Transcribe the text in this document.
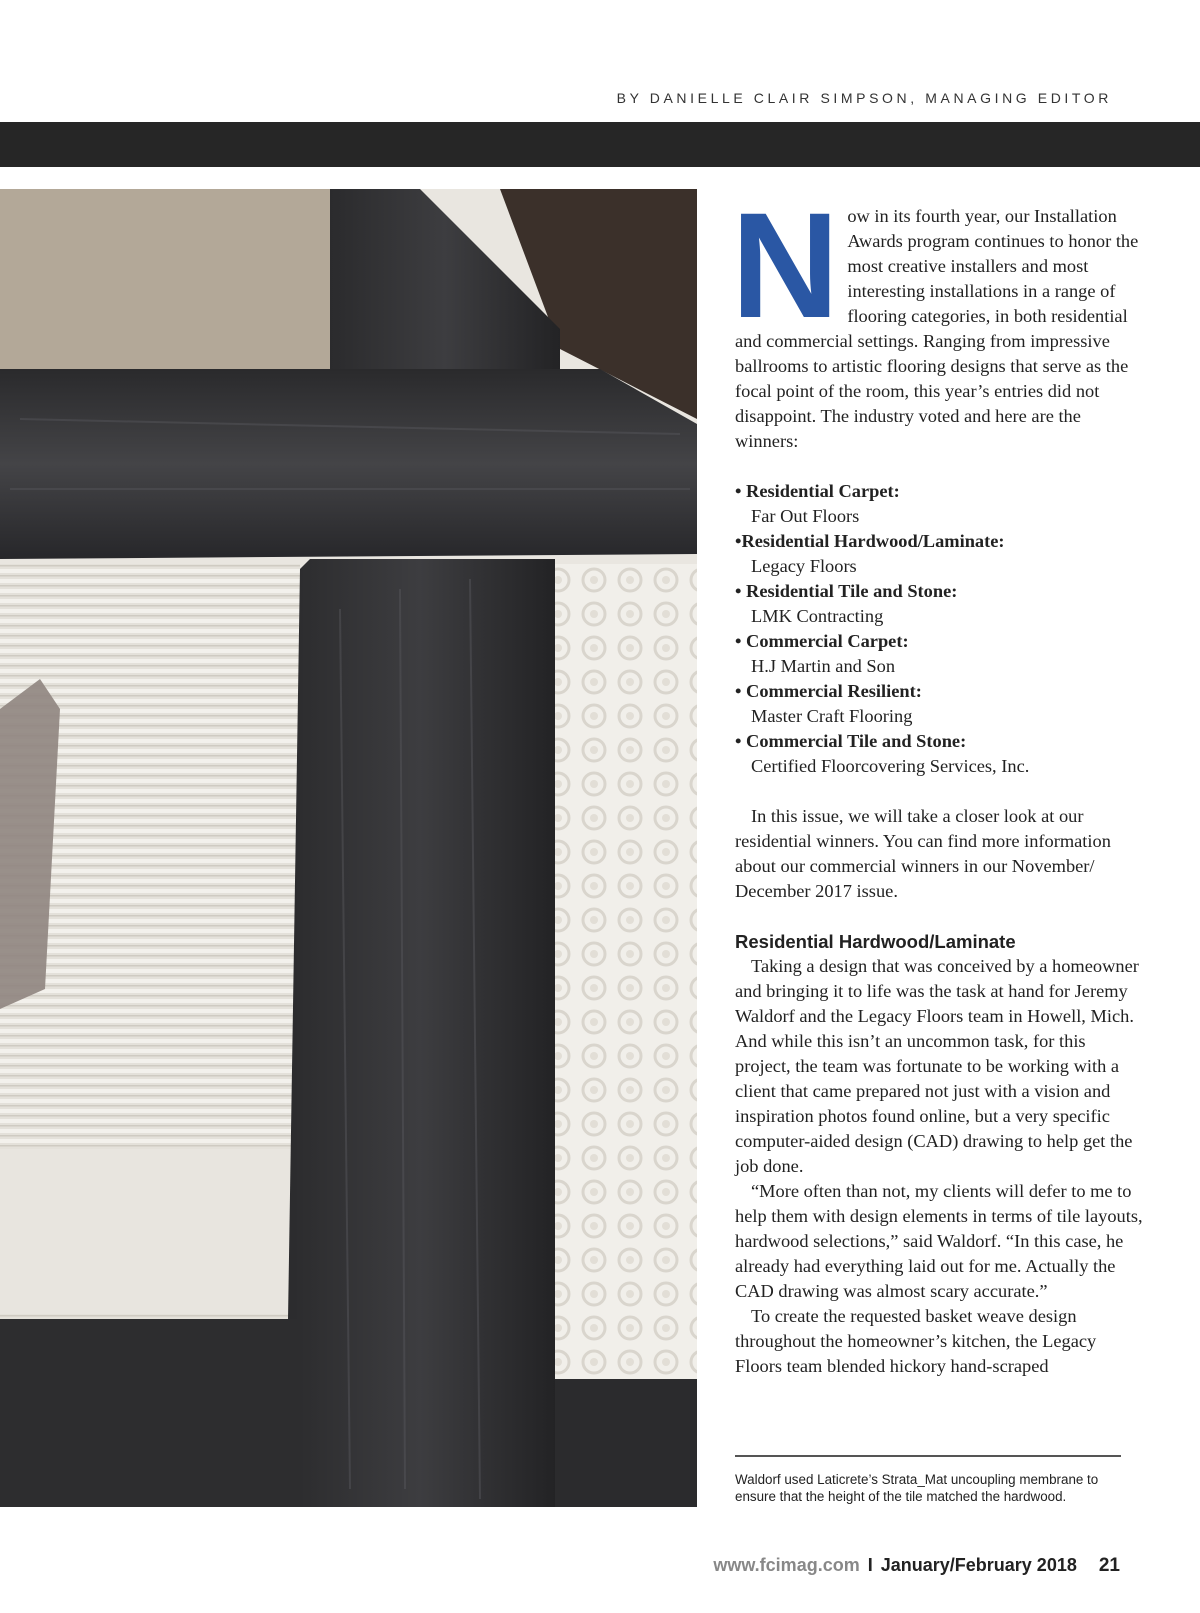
BY DANIELLE CLAIR SIMPSON, MANAGING EDITOR
N ow in its fourth year, our Installation Awards program continues to honor the most creative installers and most interesting installations in a range of flooring categories, in both residential and commercial settings. Ranging from impressive ballrooms to artistic flooring designs that serve as the focal point of the room, this year’s entries did not disappoint. The industry voted and here are the winners:

• Residential Carpet:
Far Out Floors
•Residential Hardwood/Laminate:
Legacy Floors
• Residential Tile and Stone:
LMK Contracting
• Commercial Carpet:
H.J Martin and Son
• Commercial Resilient:
Master Craft Flooring
• Commercial Tile and Stone:
Certified Floorcovering Services, Inc.

In this issue, we will take a closer look at our residential winners. You can find more information about our commercial winners in our November/ December 2017 issue.

Residential Hardwood/Laminate

Taking a design that was conceived by a homeowner and bringing it to life was the task at hand for Jeremy Waldorf and the Legacy Floors team in Howell, Mich. And while this isn’t an uncommon task, for this project, the team was fortunate to be working with a client that came prepared not just with a vision and inspiration photos found online, but a very specific computer-aided design (CAD) drawing to help get the job done.

“More often than not, my clients will defer to me to help them with design elements in terms of tile layouts, hardwood selections,” said Waldorf. “In this case, he already had everything laid out for me. Actually the CAD drawing was almost scary accurate.”

To create the requested basket weave design throughout the homeowner’s kitchen, the Legacy Floors team blended hickory hand-scraped

Waldorf used Laticrete’s Strata_Mat uncoupling membrane to ensure that the height of the tile matched the hardwood.
www.fcimag.com I January/February 2018 21
